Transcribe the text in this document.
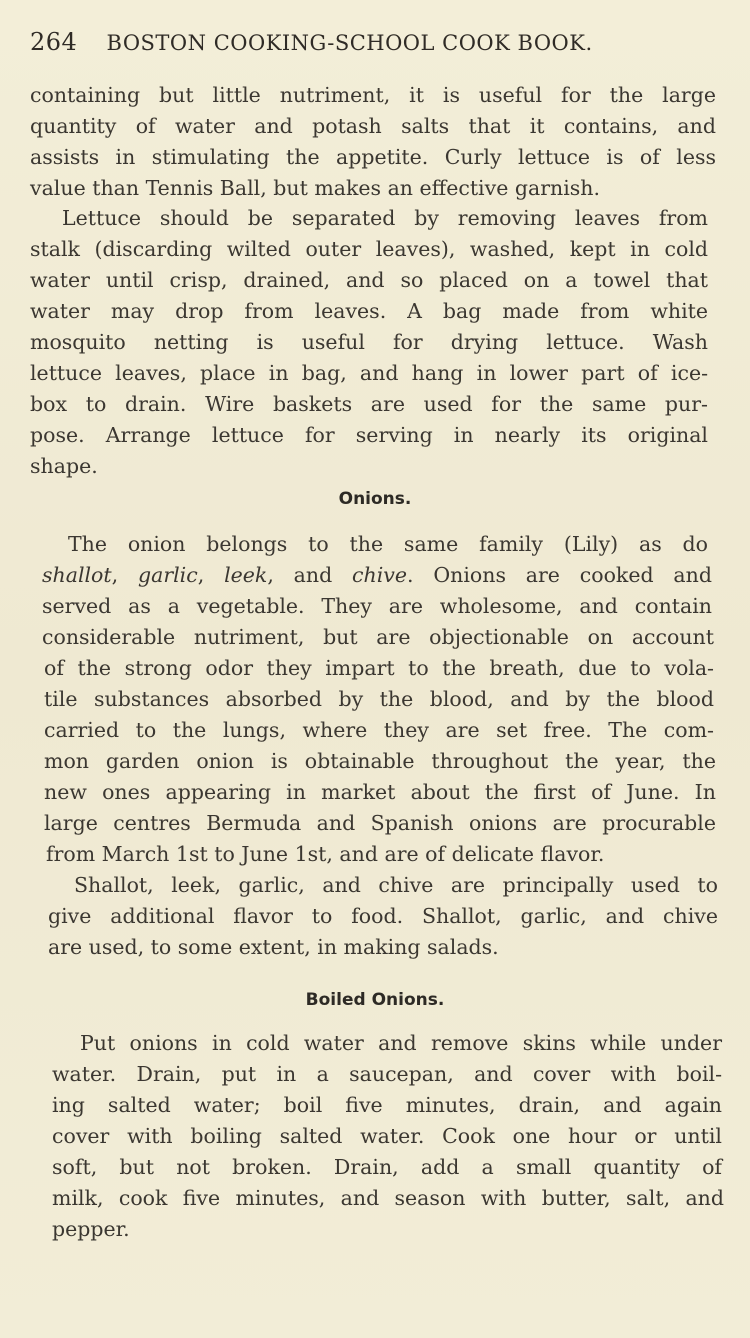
264 BOSTON COOKING-SCHOOL COOK BOOK.
containing but little nutriment, it is useful for the large
quantity of water and potash salts that it contains, and
assists in stimulating the appetite. Curly lettuce is of less
value than Tennis Ball, but makes an effective garnish.
Lettuce should be separated by removing leaves from
stalk (discarding wilted outer leaves), washed, kept in cold
water until crisp, drained, and so placed on a towel that
water may drop from leaves. A bag made from white
mosquito netting is useful for drying lettuce. Wash
lettuce leaves, place in bag, and hang in lower part of ice-
box to drain. Wire baskets are used for the same pur-
pose. Arrange lettuce for serving in nearly its original
shape.
Onions.
The onion belongs to the same family (Lily) as do
shallot, garlic, leek, and chive. Onions are cooked and
served as a vegetable. They are wholesome, and contain
considerable nutriment, but are objectionable on account
of the strong odor they impart to the breath, due to vola-
tile substances absorbed by the blood, and by the blood
carried to the lungs, where they are set free. The com-
mon garden onion is obtainable throughout the year, the
new ones appearing in market about the first of June. In
large centres Bermuda and Spanish onions are procurable
from March 1st to June 1st, and are of delicate flavor.
Shallot, leek, garlic, and chive are principally used to
give additional flavor to food. Shallot, garlic, and chive
are used, to some extent, in making salads.
Boiled Onions.
Put onions in cold water and remove skins while under
water. Drain, put in a saucepan, and cover with boil-
ing salted water; boil five minutes, drain, and again
cover with boiling salted water. Cook one hour or until
soft, but not broken. Drain, add a small quantity of
milk, cook five minutes, and season with butter, salt, and
pepper.
